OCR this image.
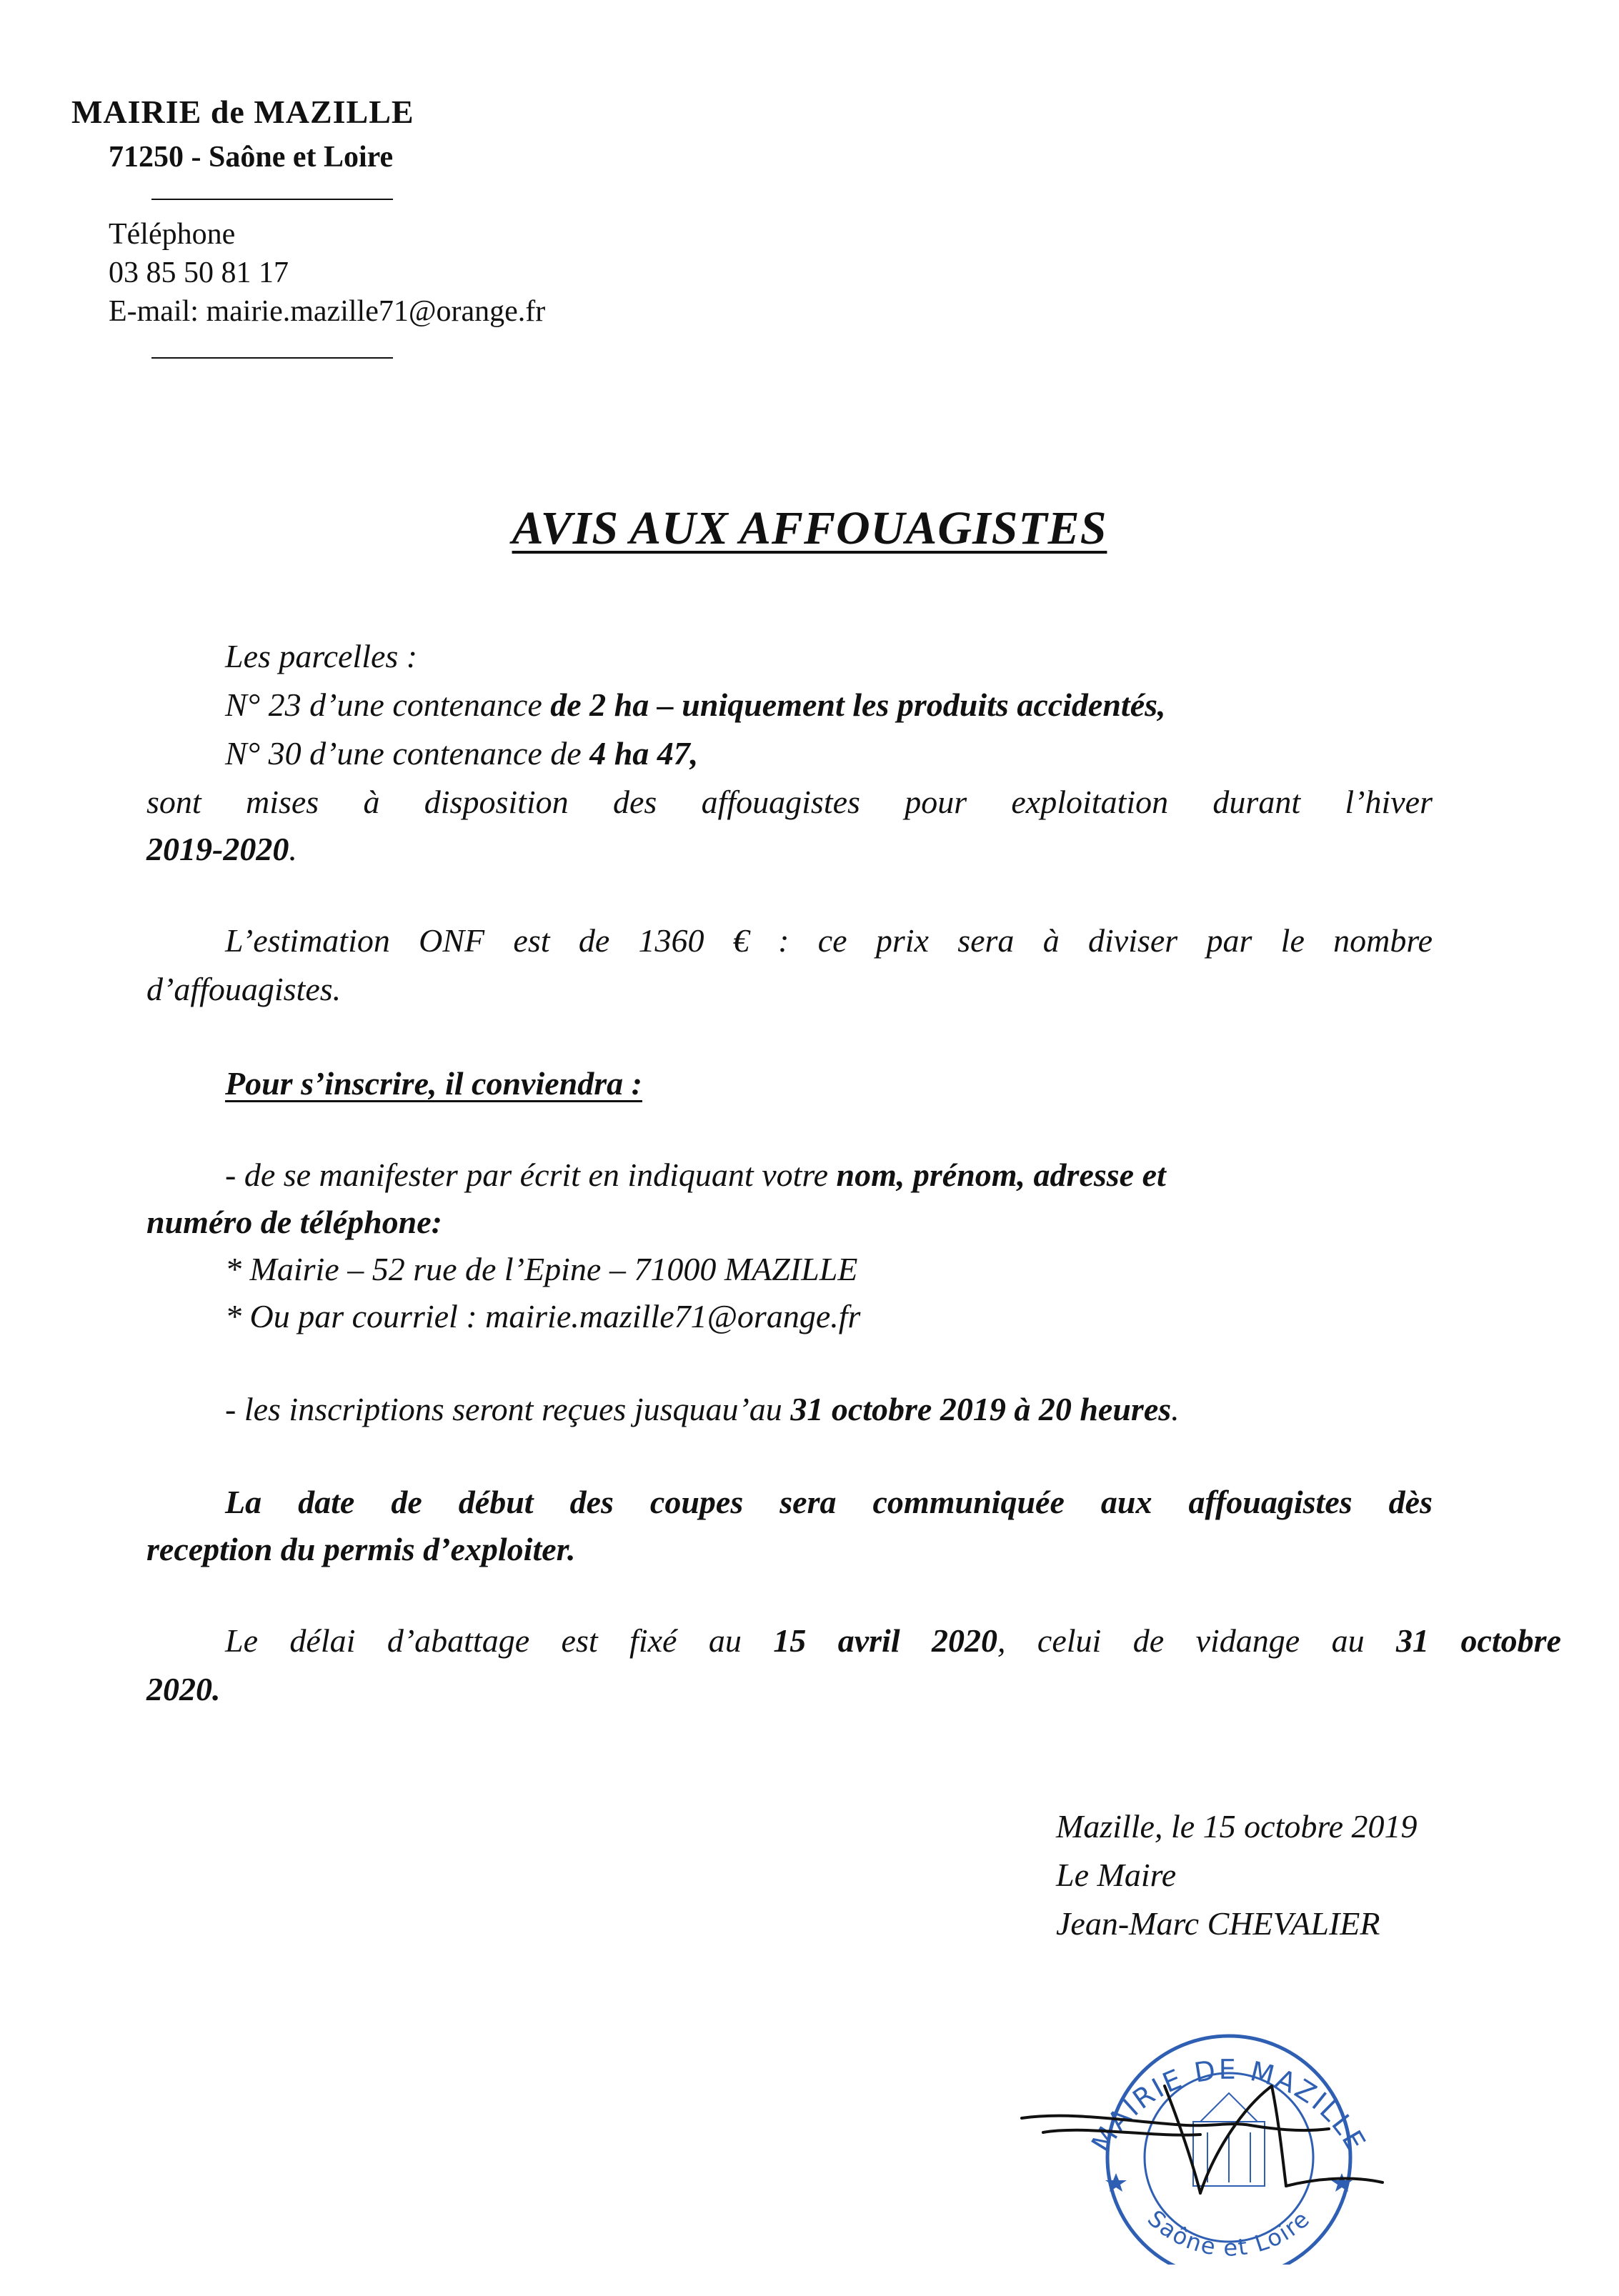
MAIRIE de MAZILLE
71250 - Saône et Loire
Téléphone
03 85 50 81 17
E-mail: mairie.mazille71@orange.fr
AVIS AUX AFFOUAGISTES
Les parcelles :
N° 23 d’une contenance de 2 ha – uniquement les produits accidentés,
N° 30 d’une contenance de 4 ha 47,
sont mises à disposition des affouagistes pour exploitation durant l’hiver
2019-2020.
L’estimation ONF est de 1360 € : ce prix sera à diviser par le nombre
d’affouagistes.
Pour s’inscrire, il conviendra :
- de se manifester par écrit en indiquant votre nom, prénom, adresse et
numéro de téléphone:
* Mairie – 52 rue de l’Epine – 71000 MAZILLE
* Ou par courriel : mairie.mazille71@orange.fr
- les inscriptions seront reçues jusquau’au 31 octobre 2019 à 20 heures.
La date de début des coupes sera communiquée aux affouagistes dès
reception du permis d’exploiter.
Le délai d’abattage est fixé au 15 avril 2020, celui de vidange au 31 octobre
2020.
Mazille, le 15 octobre 2019
Le Maire
Jean-Marc CHEVALIER
MAIRIE DE MAZILLE
Saône et Loire
